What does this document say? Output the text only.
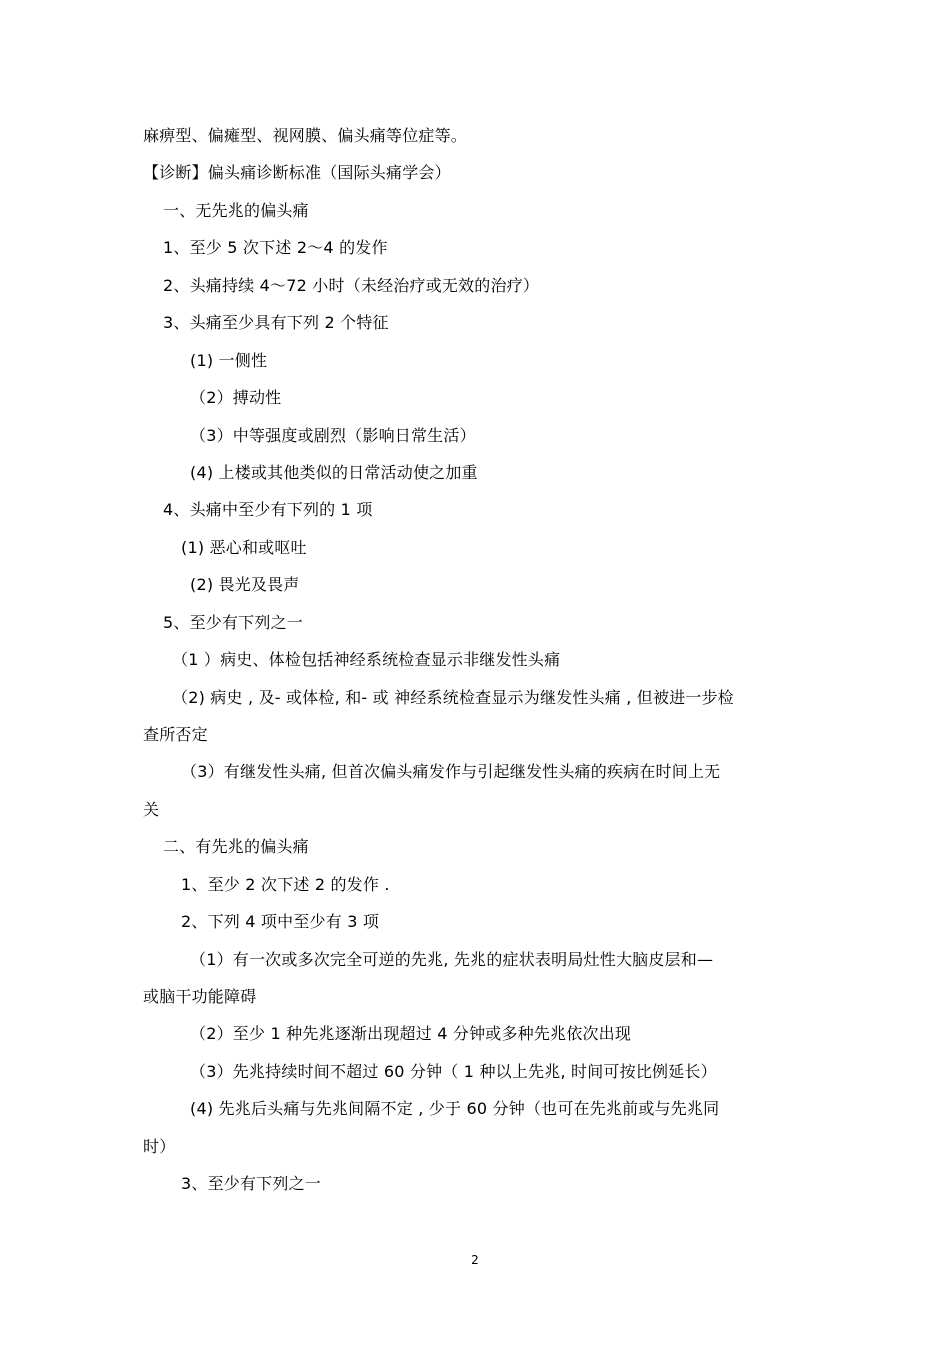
麻痹型、偏瘫型、视网膜、偏头痛等位症等。
【诊断】偏头痛诊断标准（国际头痛学会）
一、无先兆的偏头痛
1、至少 5 次下述 2～4 的发作
2、头痛持续 4～72 小时（未经治疗或无效的治疗）
3、头痛至少具有下列 2 个特征
(1) 一侧性
（2）搏动性
（3）中等强度或剧烈（影响日常生活）
(4) 上楼或其他类似的日常活动使之加重
4、头痛中至少有下列的 1 项
(1) 恶心和或呕吐
(2) 畏光及畏声
5、至少有下列之一
（1 ）病史、体检包括神经系统检查显示非继发性头痛
（2) 病史 , 及- 或体检, 和- 或 神经系统检查显示为继发性头痛 , 但被进一步检
查所否定
（3）有继发性头痛, 但首次偏头痛发作与引起继发性头痛的疾病在时间上无
关
二、有先兆的偏头痛
1、至少 2 次下述 2 的发作 .
2、下列 4 项中至少有 3 项
（1）有一次或多次完全可逆的先兆, 先兆的症状表明局灶性大脑皮层和—
或脑干功能障碍
（2）至少 1 种先兆逐渐出现超过 4 分钟或多种先兆依次出现
（3）先兆持续时间不超过 60 分钟（ 1 种以上先兆, 时间可按比例延长）
(4) 先兆后头痛与先兆间隔不定 , 少于 60 分钟（也可在先兆前或与先兆同
时）
3、至少有下列之一
2
